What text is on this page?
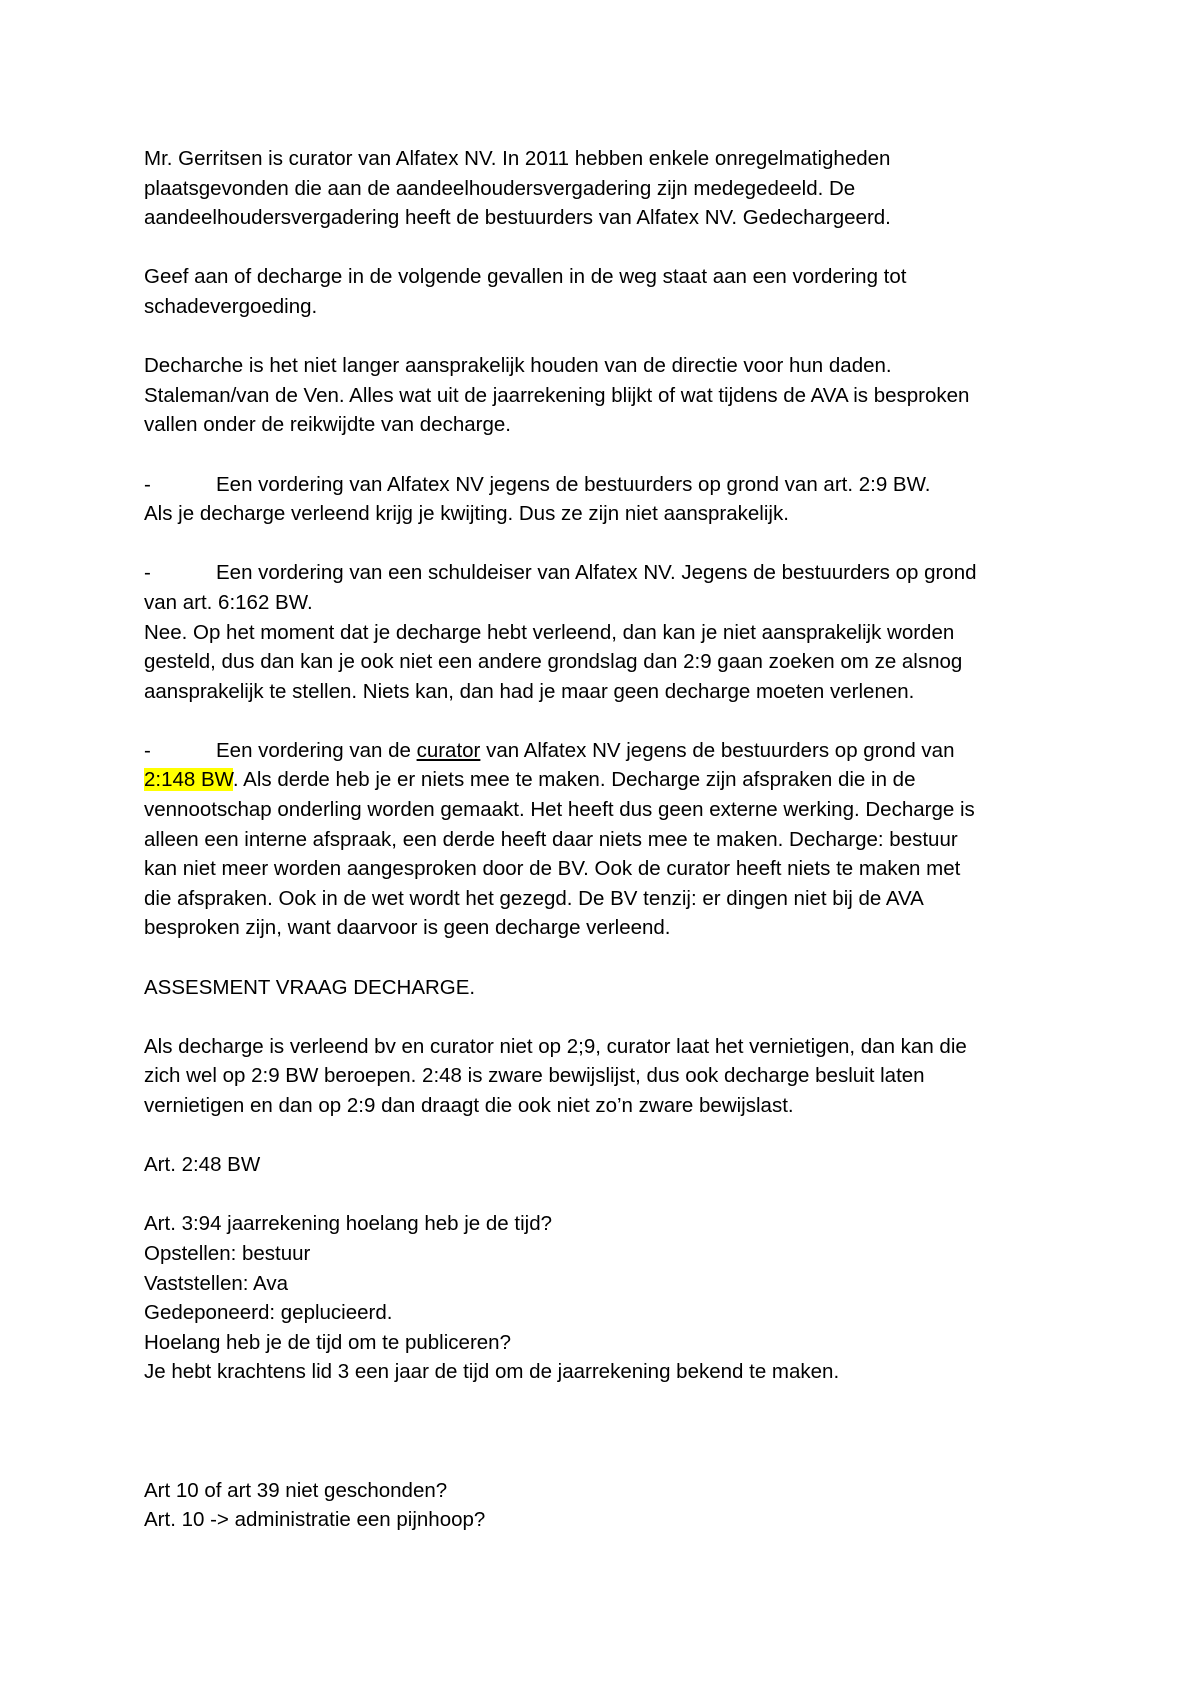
Mr. Gerritsen is curator van Alfatex NV. In 2011 hebben enkele onregelmatigheden
plaatsgevonden die aan de aandeelhoudersvergadering zijn medegedeeld. De
aandeelhoudersvergadering heeft de bestuurders van Alfatex NV. Gedechargeerd.
Geef aan of decharge in de volgende gevallen in de weg staat aan een vordering tot
schadevergoeding.
Decharche is het niet langer aansprakelijk houden van de directie voor hun daden.
Staleman/van de Ven. Alles wat uit de jaarrekening blijkt of wat tijdens de AVA is besproken
vallen onder de reikwijdte van decharge.
-	Een vordering van Alfatex NV jegens de bestuurders op grond van art. 2:9 BW.
Als je decharge verleend krijg je kwijting. Dus ze zijn niet aansprakelijk.
-	Een vordering van een schuldeiser van Alfatex NV. Jegens de bestuurders op grond
van art. 6:162 BW.
Nee. Op het moment dat je decharge hebt verleend, dan kan je niet aansprakelijk worden
gesteld, dus dan kan je ook niet een andere grondslag dan 2:9 gaan zoeken om ze alsnog
aansprakelijk te stellen. Niets kan, dan had je maar geen decharge moeten verlenen.
-	Een vordering van de curator van Alfatex NV jegens de bestuurders op grond van
2:148 BW. Als derde heb je er niets mee te maken. Decharge zijn afspraken die in de
vennootschap onderling worden gemaakt. Het heeft dus geen externe werking. Decharge is
alleen een interne afspraak, een derde heeft daar niets mee te maken. Decharge: bestuur
kan niet meer worden aangesproken door de BV. Ook de curator heeft niets te maken met
die afspraken. Ook in de wet wordt het gezegd. De BV tenzij: er dingen niet bij de AVA
besproken zijn, want daarvoor is geen decharge verleend.
ASSESMENT VRAAG DECHARGE.
Als decharge is verleend bv en curator niet op 2;9, curator laat het vernietigen, dan kan die
zich wel op 2:9 BW beroepen. 2:48 is zware bewijslijst, dus ook decharge besluit laten
vernietigen en dan op 2:9 dan draagt die ook niet zo’n zware bewijslast.
Art. 2:48 BW
Art. 3:94 jaarrekening hoelang heb je de tijd?
Opstellen: bestuur
Vaststellen: Ava
Gedeponeerd: geplucieerd.
Hoelang heb je de tijd om te publiceren?
Je hebt krachtens lid 3 een jaar de tijd om de jaarrekening bekend te maken.
Art 10 of art 39 niet geschonden?
Art. 10 -> administratie een pijnhoop?
